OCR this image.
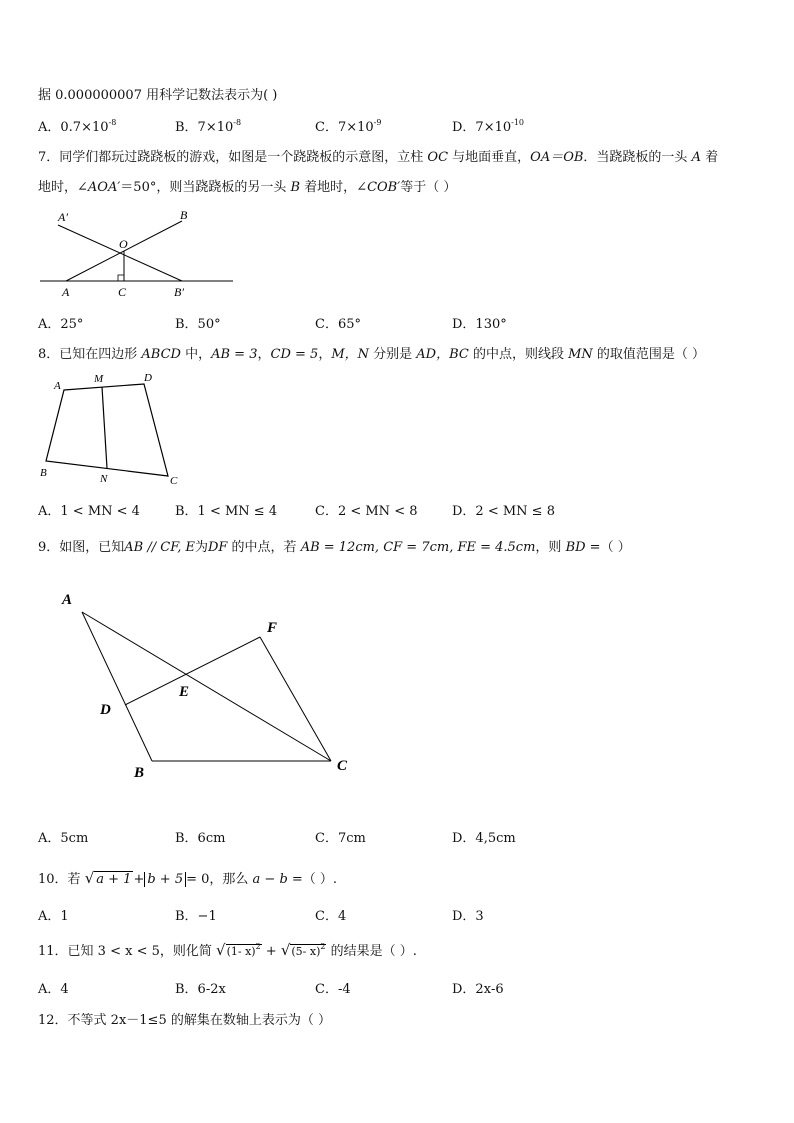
据 0.000000007 用科学记数法表示为( )
A．$0.7\times 10^{-8}$	B．$7\times 10^{-8}$	C．$7\times 10^{-9}$	D．$7\times 10^{-10}$
7．同学们都玩过跷跷板的游戏，如图是一个跷跷板的示意图，立柱 OC 与地面垂直，OA＝OB．当跷跷板的一头 A 着
地时，∠AOA′＝50°，则当跷跷板的另一头 B 着地时，∠COB′等于（ ）
A′	B
O
A	C	B′
A．25°	B．50°	C．65°	D．130°
8．已知在四边形 ABCD 中，AB = 3，CD = 5，M，N 分别是 AD，BC 的中点，则线段 MN 的取值范围是（ ）
A
M	D
B	N	C
A．1 < MN < 4	B．1 < MN ≤ 4	C．2 < MN < 8	D．2 < MN ≤ 8
9．如图，已知AB // CF, E为DF 的中点，若 AB = 12cm, CF = 7cm, FE = 4.5cm，则 BD =（ ）
A
F
E
D
B	C
A．5cm	B．6cm	C．7cm	D．4,5cm
10．若 √ a + 1 + b + 5 = 0，那么 a − b =（ ）.
A．1	B．−1	C．4	D．3
11．已知 3 < x < 5，则化简 √(1‑ x)$^2$ + √(5‑ x)$^2$ 的结果是（ ）.
A．4	B．6‑2x	C．‑4	D．2x‑6
12．不等式 2x－1≤5 的解集在数轴上表示为（ ）
